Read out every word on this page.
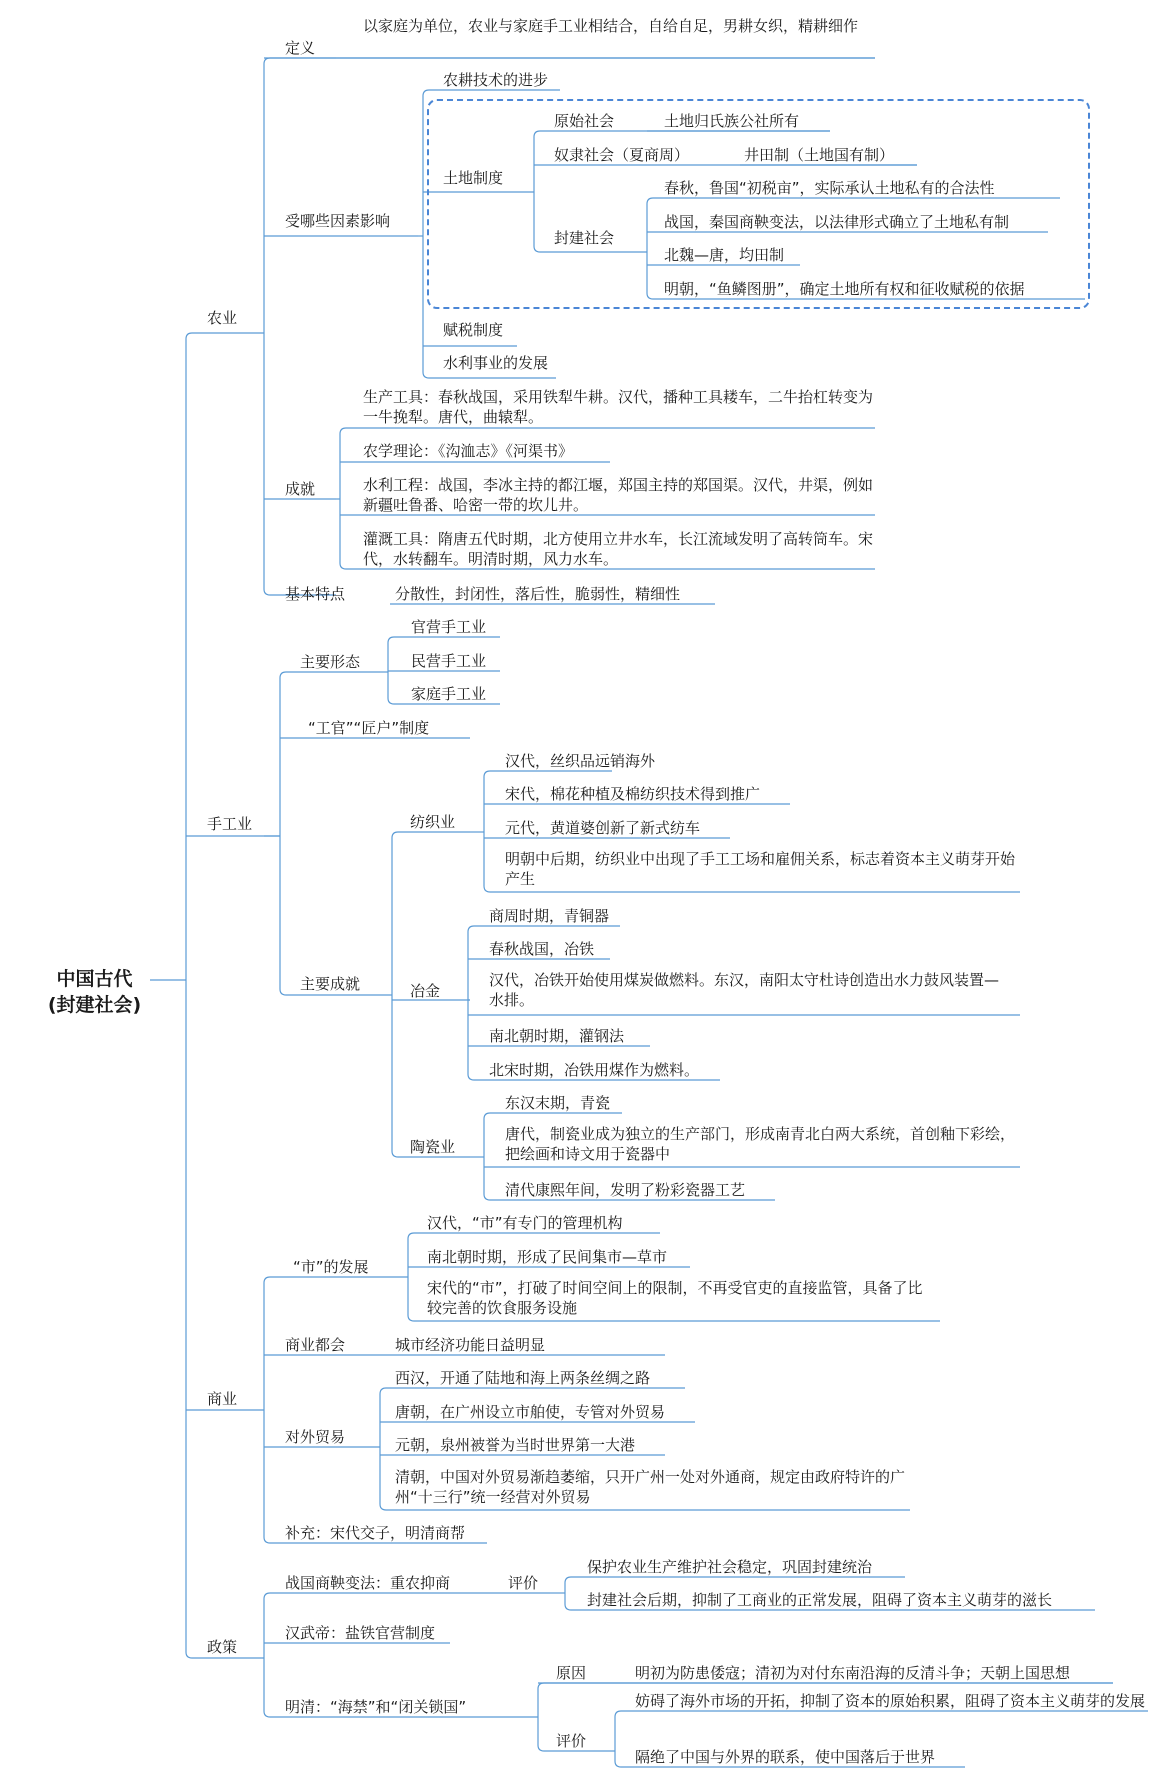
中国古代
(封建社会)
农业
定义
以家庭为单位，农业与家庭手工业相结合，自给自足，男耕女织，精耕细作
受哪些因素影响
农耕技术的进步
土地制度
原始社会	土地归氏族公社所有
奴隶社会（夏商周）	井田制（土地国有制）
封建社会
春秋，鲁国“初税亩”，实际承认土地私有的合法性
战国，秦国商鞅变法，以法律形式确立了土地私有制
北魏—唐，均田制
明朝，“鱼鳞图册”，确定土地所有权和征收赋税的依据
赋税制度
水利事业的发展
成就
生产工具：春秋战国，采用铁犁牛耕。汉代，播种工具耧车，二牛抬杠转变为一牛挽犁。唐代，曲辕犁。
农学理论：《沟洫志》《河渠书》
水利工程：战国，李冰主持的都江堰，郑国主持的郑国渠。汉代，井渠，例如新疆吐鲁番、哈密一带的坎儿井。
灌溉工具：隋唐五代时期，北方使用立井水车，长江流域发明了高转筒车。宋代，水转翻车。明清时期，风力水车。
基本特点	分散性，封闭性，落后性，脆弱性，精细性
手工业
主要形态
官营手工业
民营手工业
家庭手工业
“工官”“匠户”制度
主要成就
纺织业
汉代，丝织品远销海外
宋代，棉花种植及棉纺织技术得到推广
元代，黄道婆创新了新式纺车
明朝中后期，纺织业中出现了手工工场和雇佣关系，标志着资本主义萌芽开始产生
冶金
商周时期，青铜器
春秋战国，冶铁
汉代，冶铁开始使用煤炭做燃料。东汉，南阳太守杜诗创造出水力鼓风装置—水排。
南北朝时期，灌钢法
北宋时期，冶铁用煤作为燃料。
陶瓷业
东汉末期，青瓷
唐代，制瓷业成为独立的生产部门，形成南青北白两大系统，首创釉下彩绘，把绘画和诗文用于瓷器中
清代康熙年间，发明了粉彩瓷器工艺
商业
“市”的发展
汉代，“市”有专门的管理机构
南北朝时期，形成了民间集市—草市
宋代的“市”，打破了时间空间上的限制，不再受官吏的直接监管，具备了比较完善的饮食服务设施
商业都会	城市经济功能日益明显
对外贸易
西汉，开通了陆地和海上两条丝绸之路
唐朝，在广州设立市舶使，专管对外贸易
元朝，泉州被誉为当时世界第一大港
清朝，中国对外贸易渐趋萎缩，只开广州一处对外通商，规定由政府特许的广州“十三行”统一经营对外贸易
补充：宋代交子，明清商帮
政策
战国商鞅变法：重农抑商	评价
保护农业生产维护社会稳定，巩固封建统治
封建社会后期，抑制了工商业的正常发展，阻碍了资本主义萌芽的滋长
汉武帝：盐铁官营制度
明清：“海禁”和“闭关锁国”
原因	明初为防患倭寇；清初为对付东南沿海的反清斗争；天朝上国思想
评价
妨碍了海外市场的开拓，抑制了资本的原始积累，阻碍了资本主义萌芽的发展
隔绝了中国与外界的联系，使中国落后于世界
